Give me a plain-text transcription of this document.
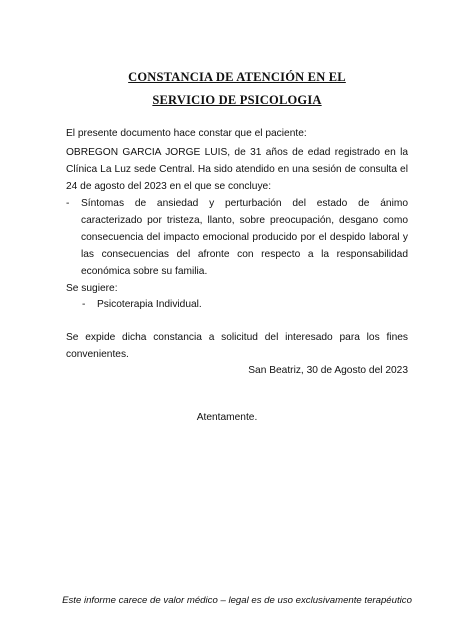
CONSTANCIA DE ATENCIÓN EN EL
SERVICIO DE PSICOLOGIA
El presente documento hace constar que el paciente:
OBREGON GARCIA JORGE LUIS, de 31 años de edad registrado en la Clínica La Luz sede Central. Ha sido atendido en una sesión de consulta el 24 de agosto del 2023 en el que se concluye:
- Síntomas de ansiedad y perturbación del estado de ánimo caracterizado por tristeza, llanto, sobre preocupación, desgano como consecuencia del impacto emocional producido por el despido laboral y las consecuencias del afronte con respecto a la responsabilidad económica sobre su familia.
Se sugiere:
- Psicoterapia Individual.
Se expide dicha constancia a solicitud del interesado para los fines convenientes.
San Beatriz, 30 de Agosto del 2023
Atentamente.
Este informe carece de valor médico – legal es de uso exclusivamente terapéutico
